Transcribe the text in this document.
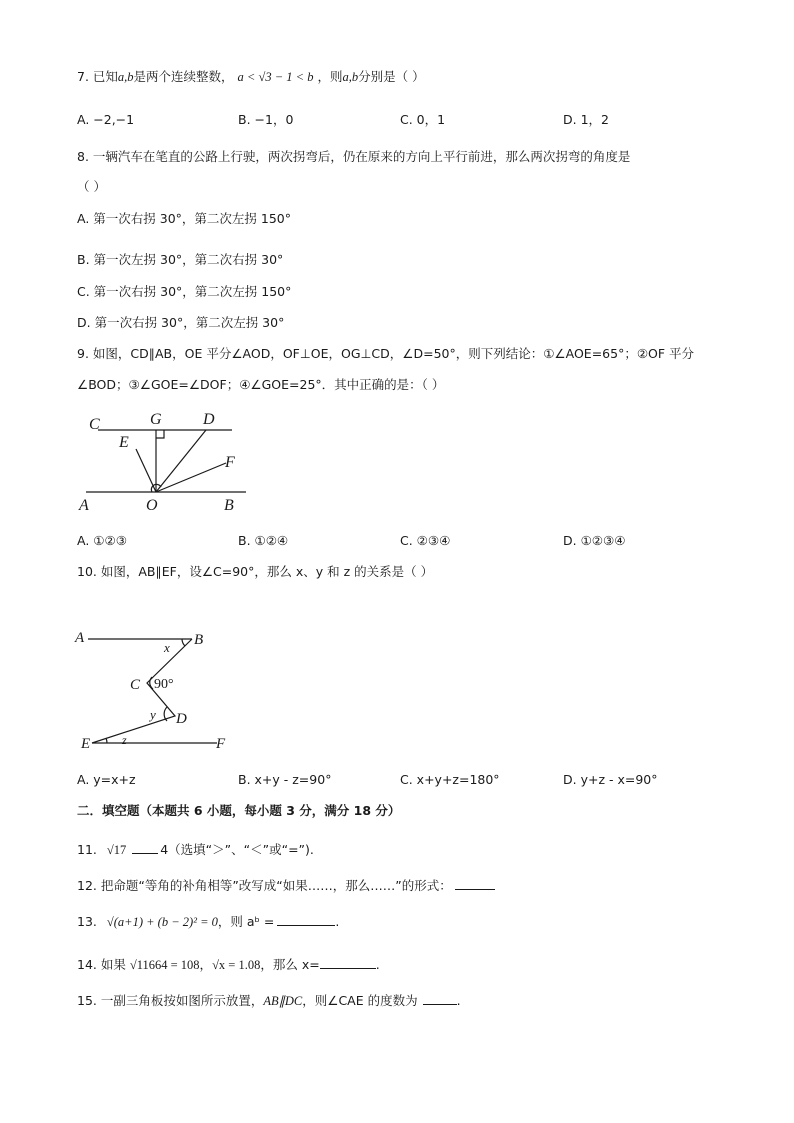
7. 已知a,b是两个连续整数， a < √3 − 1 < b ，则a,b分别是（ ）
A. −2,−1	B. −1，0	C. 0，1	D. 1，2
8. 一辆汽车在笔直的公路上行驶，两次拐弯后，仍在原来的方向上平行前进，那么两次拐弯的角度是
（ ）
A. 第一次右拐 30°，第二次左拐 150°
B. 第一次左拐 30°，第二次右拐 30°
C. 第一次右拐 30°，第二次左拐 150°
D. 第一次右拐 30°，第二次左拐 30°
9. 如图，CD∥AB，OE 平分∠AOD，OF⊥OE，OG⊥CD，∠D=50°，则下列结论：①∠AOE=65°；②OF 平分
∠BOD；③∠GOE=∠DOF；④∠GOE=25°．其中正确的是：（ ）
C	G	D
E
F
A	O	B
A. ①②③	B. ①②④	C. ②③④	D. ①②③④
10. 如图，AB∥EF，设∠C=90°，那么 x、y 和 z 的关系是（ ）
A	B
x
C 90°
y D
E	z	F
A. y=x+z	B. x+y - z=90°	C. x+y+z=180°	D. y+z - x=90°
二．填空题（本题共 6 小题，每小题 3 分，满分 18 分）
11. √17	4（选填“＞”、“＜”或“=”).
12. 把命题“等角的补角相等”改写成“如果……，那么……”的形式：
13. √(a+1) + (b − 2)² = 0，则 aᵇ =	.
14. 如果 √11664 = 108，√x = 1.08，那么 x=	.
15. 一副三角板按如图所示放置，AB∥DC，则∠CAE 的度数为	.
